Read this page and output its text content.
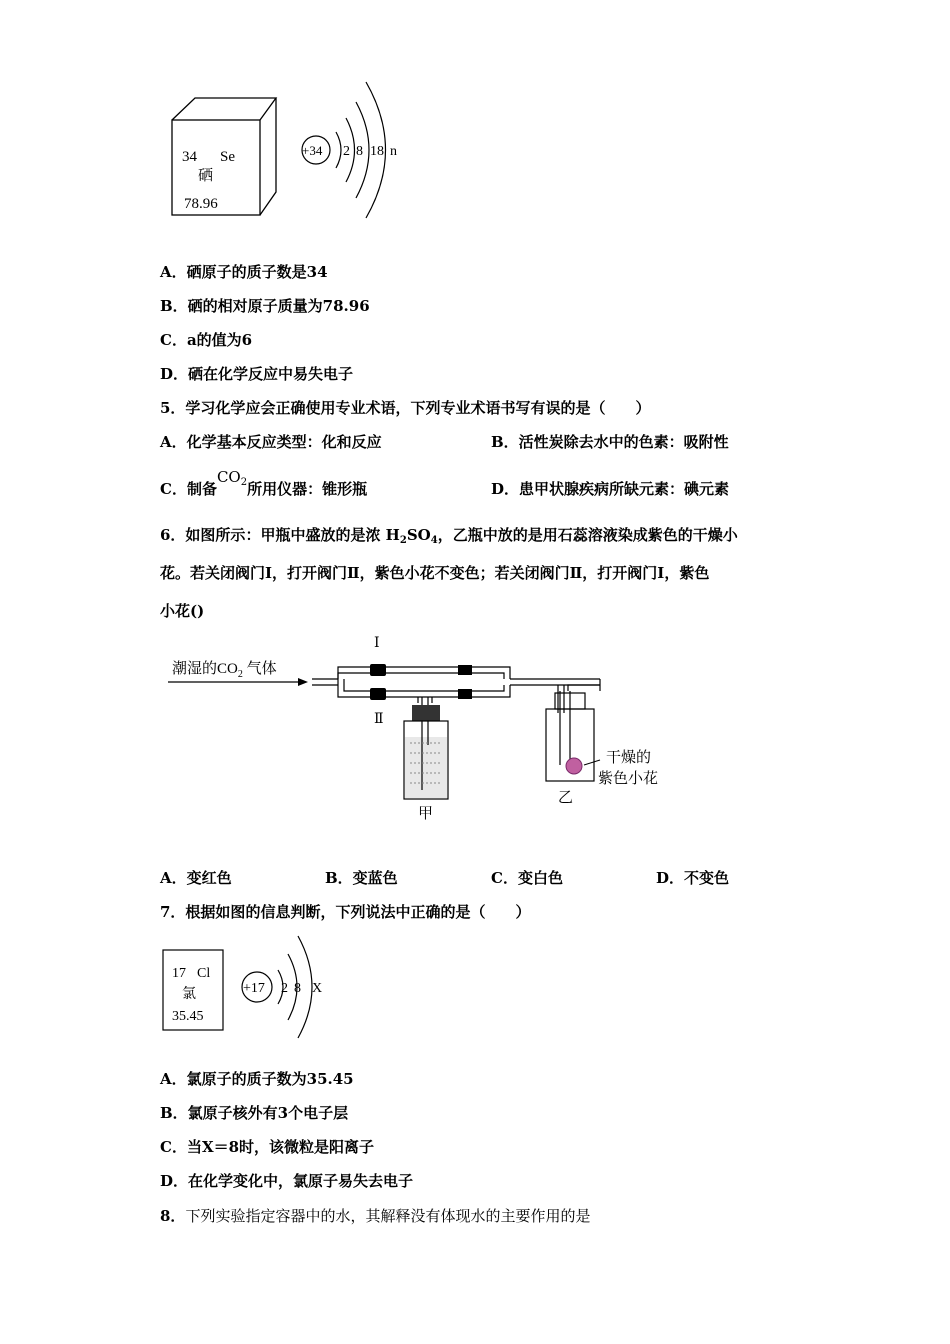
34 Se
硒
78.96
+34 2 8 18 n
A．硒原子的质子数是34
B．硒的相对原子质量为78.96
C．a的值为6
D．硒在化学反应中易失电子
5．学习化学应会正确使用专业术语，下列专业术语书写有误的是（　　）
A．化学基本反应类型：化和反应	B．活性炭除去水中的色素：吸附性
C．制备$CO_2$所用仪器：锥形瓶	D．患甲状腺疾病所缺元素：碘元素
6．如图所示：甲瓶中盛放的是浓 $H_2SO_4$，乙瓶中放的是用石蕊溶液染成紫色的干燥小
花。若关闭阀门Ⅰ，打开阀门Ⅱ，紫色小花不变色；若关闭阀门Ⅱ，打开阀门Ⅰ，紫色
小花()
潮湿的$CO_2$ 气体
Ⅰ
Ⅱ
甲
干燥的
紫色小花
乙
A．变红色	B．变蓝色	C．变白色	D．不变色
7．根据如图的信息判断，下列说法中正确的是（　　）
17 Cl
氯
35.45
+17 2 8 X
A．氯原子的质子数为35.45
B．氯原子核外有3个电子层
C．当X＝8时，该微粒是阳离子
D．在化学变化中，氯原子易失去电子
8．下列实验指定容器中的水，其解释没有体现水的主要作用的是
